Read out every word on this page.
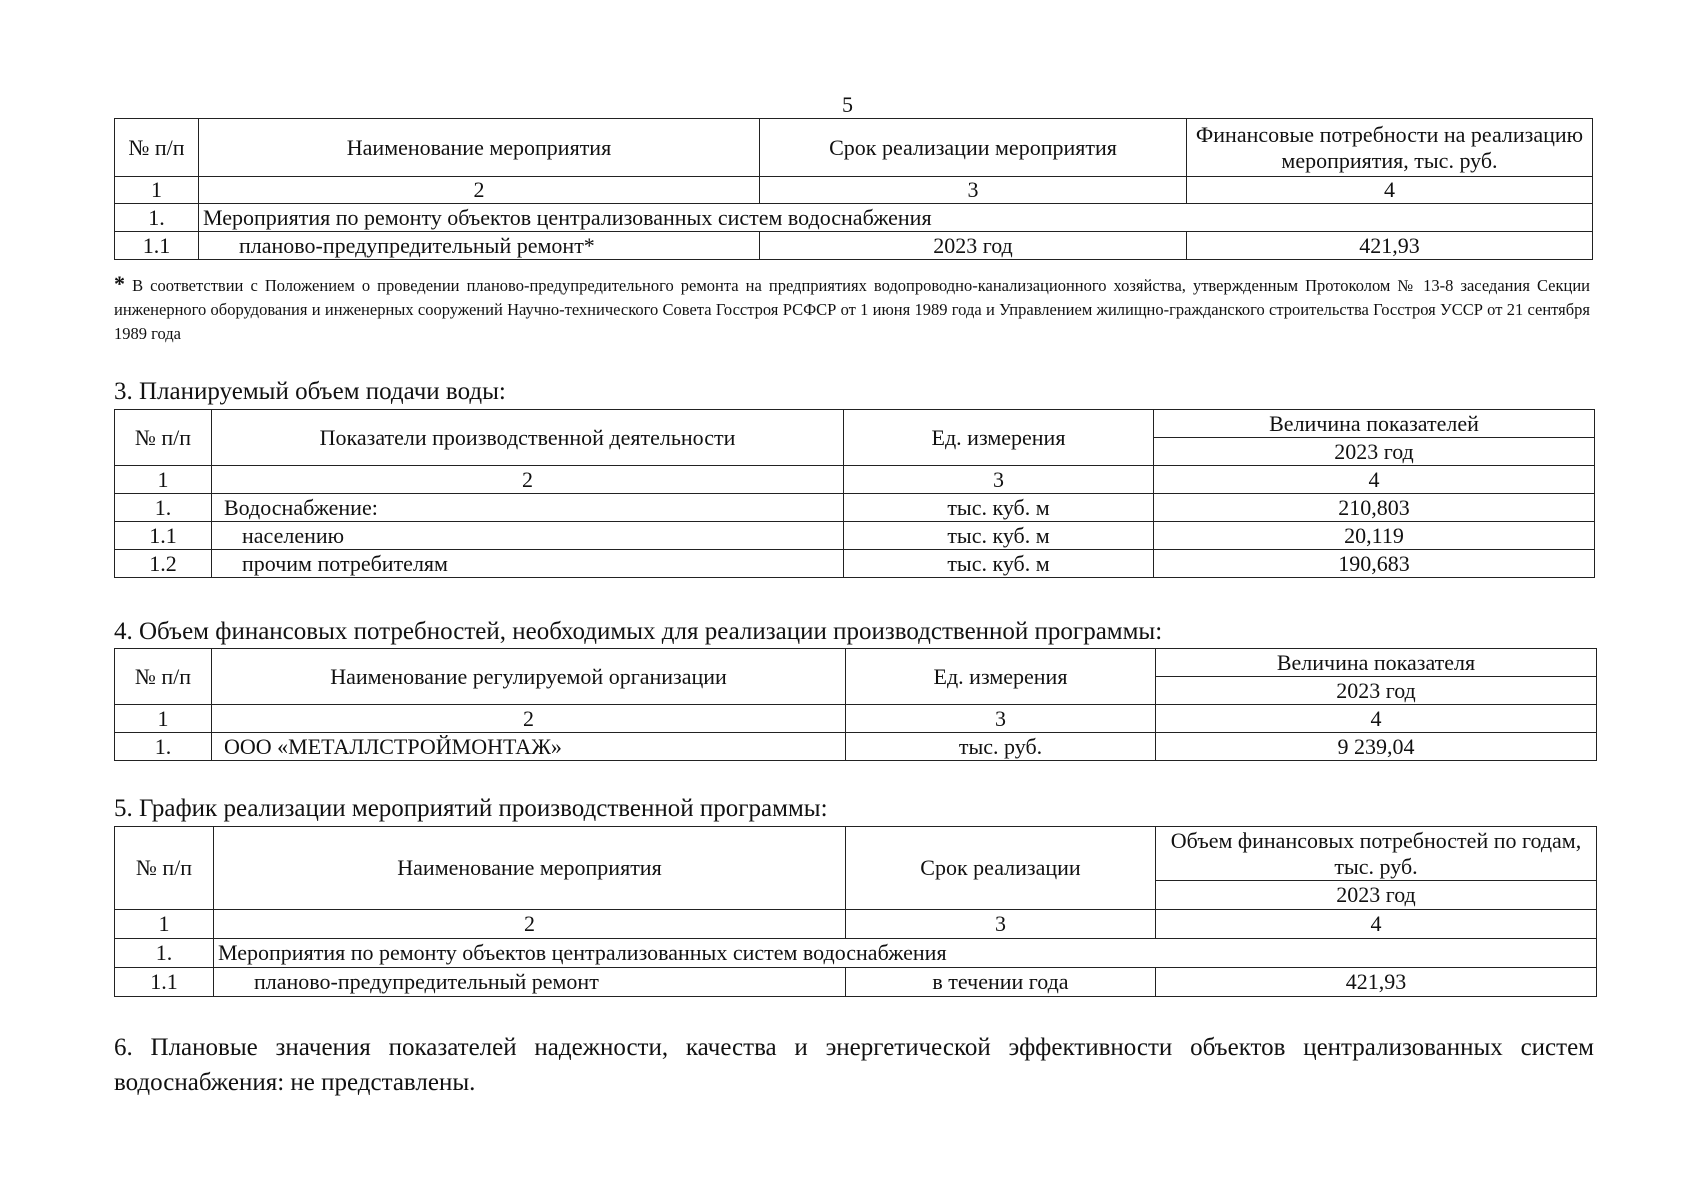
5
№ п/п	Наименование мероприятия	Срок реализации мероприятия	Финансовые потребности на реализацию мероприятия, тыс. руб.
1	2	3	4
1.	Мероприятия по ремонту объектов централизованных систем водоснабжения		
1.1	планово-предупредительный ремонт*	2023 год	421,93
* В соответствии с Положением о проведении планово-предупредительного ремонта на предприятиях водопроводно-канализационного хозяйства, утвержденным Протоколом № 13-8 заседания Секции инженерного оборудования и инженерных сооружений Научно-технического Совета Госстроя РСФСР от 1 июня 1989 года и Управлением жилищно-гражданского строительства Госстроя УССР от 21 сентября 1989 года
3. Планируемый объем подачи воды:
№ п/п	Показатели производственной деятельности	Ед. измерения	Величина показателей
			2023 год
1	2	3	4
1.	Водоснабжение:	тыс. куб. м	210,803
1.1	населению	тыс. куб. м	20,119
1.2	прочим потребителям	тыс. куб. м	190,683
4. Объем финансовых потребностей, необходимых для реализации производственной программы:
№ п/п	Наименование регулируемой организации	Ед. измерения	Величина показателя
			2023 год
1	2	3	4
1.	ООО «МЕТАЛЛСТРОЙМОНТАЖ»	тыс. руб.	9 239,04
5. График реализации мероприятий производственной программы:
№ п/п	Наименование мероприятия	Срок реализации	Объем финансовых потребностей по годам, тыс. руб.
			2023 год
1	2	3	4
1.	Мероприятия по ремонту объектов централизованных систем водоснабжения		
1.1	планово-предупредительный ремонт	в течении года	421,93
6. Плановые значения показателей надежности, качества и энергетической эффективности объектов централизованных систем водоснабжения: не представлены.
